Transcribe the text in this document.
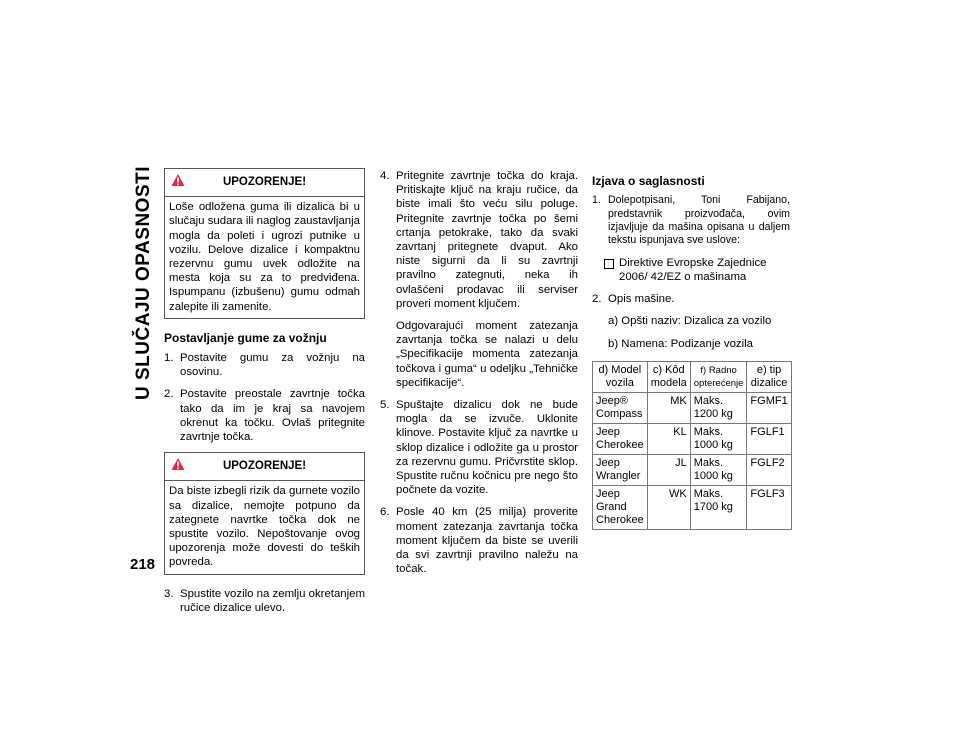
U SLUČAJU OPASNOSTI
218
UPOZORENJE!
Loše odložena guma ili dizalica bi u slučaju sudara ili naglog zaustavljanja mogla da poleti i ugrozi putnike u vozilu. Delove dizalice i kompaktnu rezervnu gumu uvek odložite na mesta koja su za to predviđena. Ispumpanu (izbušenu) gumu odmah zalepite ili zamenite.
Postavljanje gume za vožnju
1. Postavite gumu za vožnju na osovinu.
2. Postavite preostale zavrtnje točka tako da im je kraj sa navojem okrenut ka točku. Ovlaš pritegnite zavrtnje točka.
UPOZORENJE!
Da biste izbegli rizik da gurnete vozilo sa dizalice, nemojte potpuno da zategnete navrtke točka dok ne spustite vozilo. Nepoštovanje ovog upozorenja može dovesti do teških povreda.
3. Spustite vozilo na zemlju okretanjem ručice dizalice ulevo.
4. Pritegnite zavrtnje točka do kraja. Pritiskajte ključ na kraju ručice, da biste imali što veću silu poluge. Pritegnite zavrtnje točka po šemi crtanja petokrake, tako da svaki zavrtanj pritegnete dvaput. Ako niste sigurni da li su zavrtnji pravilno zategnuti, neka ih ovlašćeni prodavac ili serviser proveri moment ključem.
Odgovarajući moment zatezanja zavrtanja točka se nalazi u delu „Specifikacije momenta zatezanja točkova i guma“ u odeljku „Tehničke specifikacije“.
5. Spuštajte dizalicu dok ne bude mogla da se izvuče. Uklonite klinove. Postavite ključ za navrtke u sklop dizalice i odložite ga u prostor za rezervnu gumu. Pričvrstite sklop. Spustite ručnu kočnicu pre nego što počnete da vozite.
6. Posle 40 km (25 milja) proverite moment zatezanja zavrtanja točka moment ključem da biste se uverili da svi zavrtnji pravilno naležu na točak.
Izjava o saglasnosti
1. Dolepotpisani, Toni Fabijano, predstavnik proizvođača, ovim izjavljuje da mašina opisana u daljem tekstu ispunjava sve uslove:
Direktive Evropske Zajednice 2006/ 42/EZ o mašinama
2. Opis mašine.
a) Opšti naziv: Dizalica za vozilo
b) Namena: Podizanje vozila
d) Model vozila	c) Kôd modela	f) Radno opterećenje	e) tip dizalice
Jeep® Compass	MK	Maks. 1200 kg	FGMF1
Jeep Cherokee	KL	Maks. 1000 kg	FGLF1
Jeep Wrangler	JL	Maks. 1000 kg	FGLF2
Jeep Grand Cherokee	WK	Maks. 1700 kg	FGLF3
